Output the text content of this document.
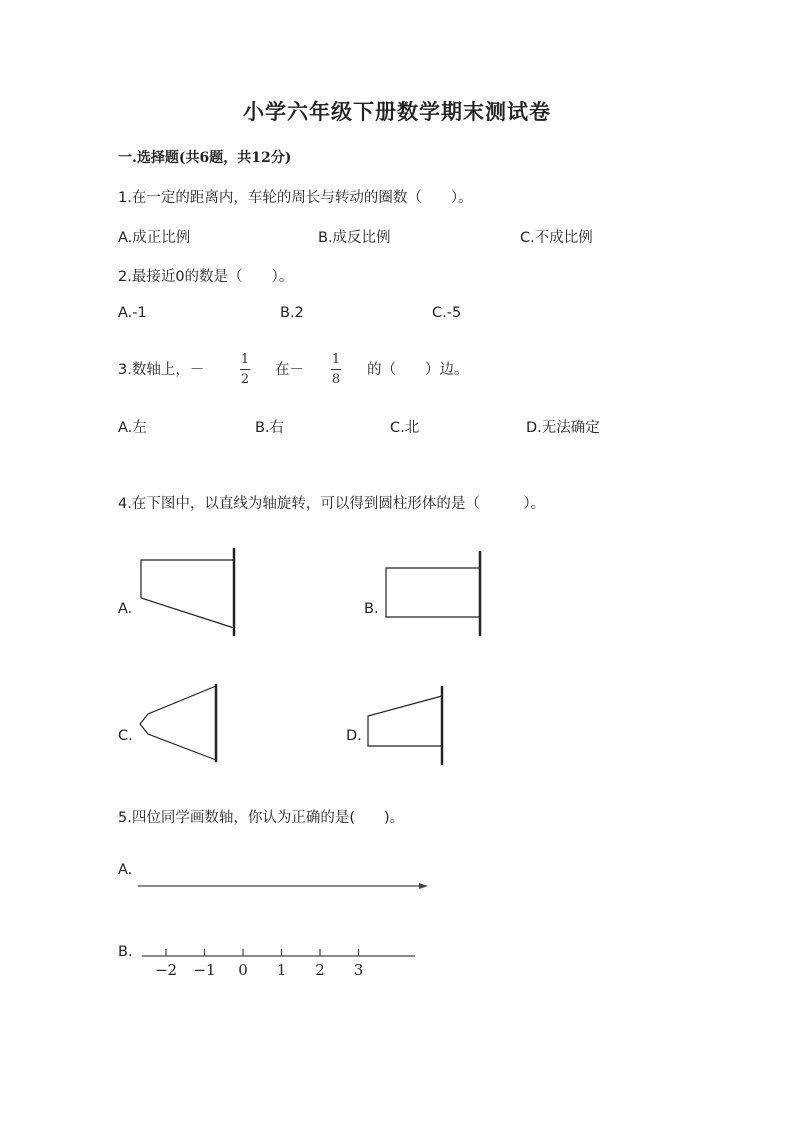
小学六年级下册数学期末测试卷
一.选择题(共6题，共12分)
1.在一定的距离内，车轮的周长与转动的圈数（　　）。
A.成正比例	B.成反比例	C.不成比例
2.最接近0的数是（　　）。
A.-1	B.2	C.-5
3.数轴上，－
1
2
在－
1
8
的（　　）边。
A.左	B.右	C.北	D.无法确定
4.在下图中，以直线为轴旋转，可以得到圆柱形体的是（　　　）。
A.	B.
C.	D.
5.四位同学画数轴，你认为正确的是(　　)。
A.
B.
−2 −1 0 1 2 3
